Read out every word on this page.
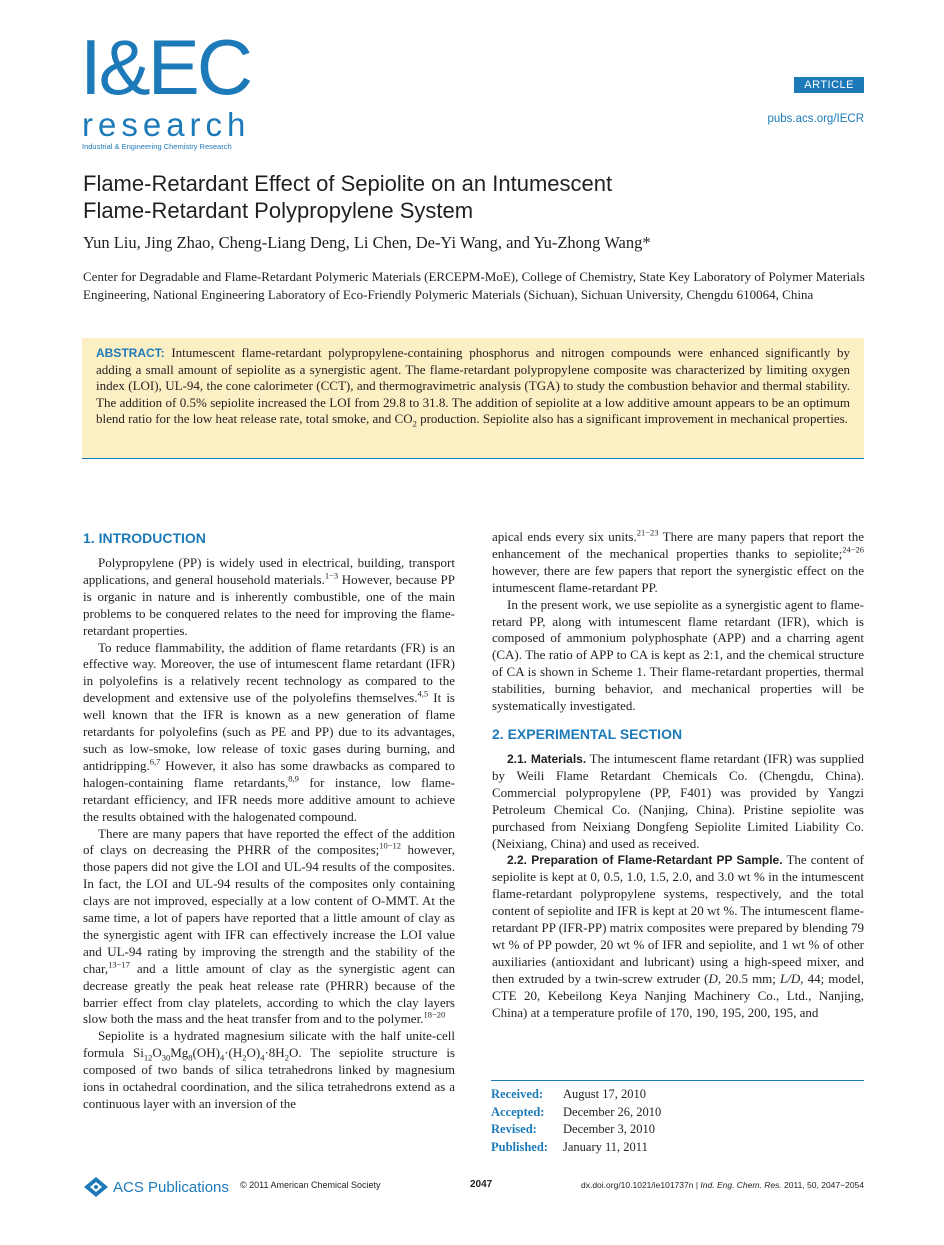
I&EC
research
Industrial & Engineering Chemistry Research
ARTICLE
pubs.acs.org/IECR
Flame-Retardant Effect of Sepiolite on an Intumescent
Flame-Retardant Polypropylene System
Yun Liu, Jing Zhao, Cheng-Liang Deng, Li Chen, De-Yi Wang, and Yu-Zhong Wang*
Center for Degradable and Flame-Retardant Polymeric Materials (ERCEPM-MoE), College of Chemistry, State Key Laboratory of Polymer Materials Engineering, National Engineering Laboratory of Eco-Friendly Polymeric Materials (Sichuan), Sichuan University, Chengdu 610064, China

ABSTRACT: Intumescent flame-retardant polypropylene-containing phosphorus and nitrogen compounds were enhanced significantly by adding a small amount of sepiolite as a synergistic agent. The flame-retardant polypropylene composite was characterized by limiting oxygen index (LOI), UL-94, the cone calorimeter (CCT), and thermogravimetric analysis (TGA) to study the combustion behavior and thermal stability. The addition of 0.5% sepiolite increased the LOI from 29.8 to 31.8. The addition of sepiolite at a low additive amount appears to be an optimum blend ratio for the low heat release rate, total smoke, and $CO_2$ production. Sepiolite also has a significant improvement in mechanical properties.

1. INTRODUCTION

Polypropylene (PP) is widely used in electrical, building, transport applications, and general household materials.$^{1-3}$ However, because PP is organic in nature and is inherently combustible, one of the main problems to be conquered relates to the need for improving the flame-retardant properties.

To reduce flammability, the addition of flame retardants (FR) is an effective way. Moreover, the use of intumescent flame retardant (IFR) in polyolefins is a relatively recent technology as compared to the development and extensive use of the polyolefins themselves.$^{4,5}$ It is well known that the IFR is known as a new generation of flame retardants for polyolefins (such as PE and PP) due to its advantages, such as low-smoke, low release of toxic gases during burning, and antidripping.$^{6,7}$ However, it also has some drawbacks as compared to halogen-containing flame retardants,$^{8,9}$ for instance, low flame-retardant efficiency, and IFR needs more additive amount to achieve the results obtained with the halogenated compound.

There are many papers that have reported the effect of the addition of clays on decreasing the PHRR of the composites;$^{10-12}$ however, those papers did not give the LOI and UL-94 results of the composites. In fact, the LOI and UL-94 results of the composites only containing clays are not improved, especially at a low content of O-MMT. At the same time, a lot of papers have reported that a little amount of clay as the synergistic agent with IFR can effectively increase the LOI value and UL-94 rating by improving the strength and the stability of the char,$^{13-17}$ and a little amount of clay as the synergistic agent can decrease greatly the peak heat release rate (PHRR) because of the barrier effect from clay platelets, according to which the clay layers slow both the mass and the heat transfer from and to the polymer.$^{18-20}$

Sepiolite is a hydrated magnesium silicate with the half unite-cell formula $Si_{12}O_{30}Mg_8(OH)_4\cdot(H_2O)_4\cdot 8H_2O$. The sepiolite structure is composed of two bands of silica tetrahedrons linked by magnesium ions in octahedral coordination, and the silica tetrahedrons extend as a continuous layer with an inversion of the

apical ends every six units.$^{21-23}$ There are many papers that report the enhancement of the mechanical properties thanks to sepiolite;$^{24-26}$ however, there are few papers that report the synergistic effect on the intumescent flame-retardant PP.

In the present work, we use sepiolite as a synergistic agent to flame-retard PP, along with intumescent flame retardant (IFR), which is composed of ammonium polyphosphate (APP) and a charring agent (CA). The ratio of APP to CA is kept as 2:1, and the chemical structure of CA is shown in Scheme 1. Their flame-retardant properties, thermal stabilities, burning behavior, and mechanical properties will be systematically investigated.

2. EXPERIMENTAL SECTION

2.1. Materials. The intumescent flame retardant (IFR) was supplied by Weili Flame Retardant Chemicals Co. (Chengdu, China). Commercial polypropylene (PP, F401) was provided by Yangzi Petroleum Chemical Co. (Nanjing, China). Pristine sepiolite was purchased from Neixiang Dongfeng Sepiolite Limited Liability Co. (Neixiang, China) and used as received.

2.2. Preparation of Flame-Retardant PP Sample. The content of sepiolite is kept at 0, 0.5, 1.0, 1.5, 2.0, and 3.0 wt % in the intumescent flame-retardant polypropylene systems, respectively, and the total content of sepiolite and IFR is kept at 20 wt %. The intumescent flame-retardant PP (IFR-PP) matrix composites were prepared by blending 79 wt % of PP powder, 20 wt % of IFR and sepiolite, and 1 wt % of other auxiliaries (antioxidant and lubricant) using a high-speed mixer, and then extruded by a twin-screw extruder (D, 20.5 mm; L/D, 44; model, CTE 20, Kebeilong Keya Nanjing Machinery Co., Ltd., Nanjing, China) at a temperature profile of 170, 190, 195, 200, 195, and

Received:	August 17, 2010
Accepted:	December 26, 2010
Revised:	December 3, 2010
Published:	January 11, 2011
ACS Publications © 2011 American Chemical Society	2047	dx.doi.org/10.1021/ie101737n | Ind. Eng. Chem. Res. 2011, 50, 2047−2054
